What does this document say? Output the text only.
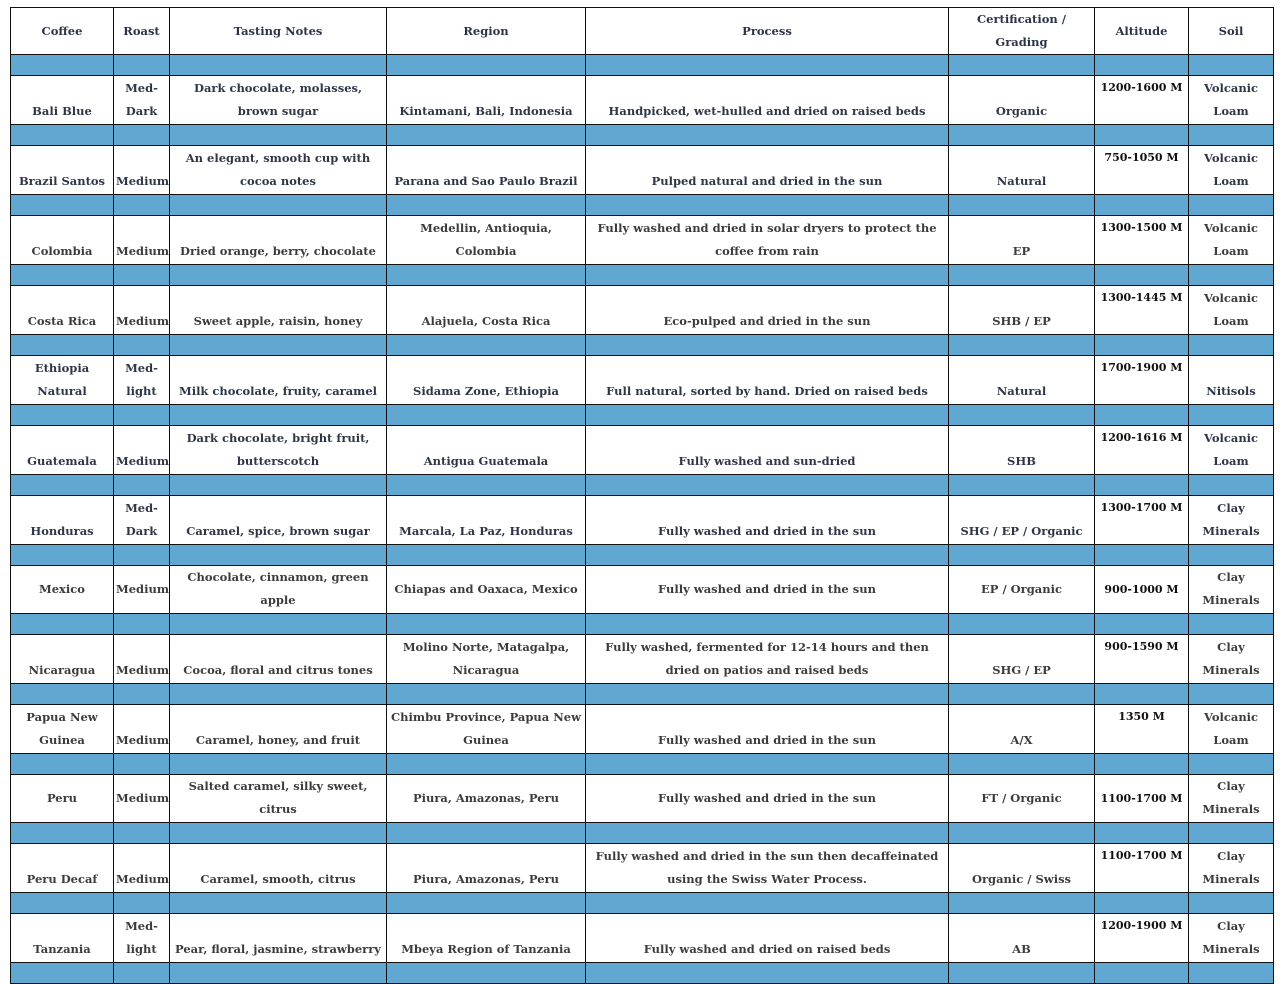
Coffee	Roast	Tasting Notes	Region	Process	Certification / Grading	Altitude	Soil

Bali Blue	Med-Dark	Dark chocolate, molasses, brown sugar	Kintamani, Bali, Indonesia	Handpicked, wet-hulled and dried on raised beds	Organic	1200-1600 M	Volcanic Loam

Brazil Santos	Medium	An elegant, smooth cup with cocoa notes	Parana and Sao Paulo Brazil	Pulped natural and dried in the sun	Natural	750-1050 M	Volcanic Loam

Colombia	Medium	Dried orange, berry, chocolate	Medellin, Antioquia, Colombia	Fully washed and dried in solar dryers to protect the coffee from rain	EP	1300-1500 M	Volcanic Loam

Costa Rica	Medium	Sweet apple, raisin, honey	Alajuela, Costa Rica	Eco-pulped and dried in the sun	SHB / EP	1300-1445 M	Volcanic Loam

Ethiopia Natural	Med-light	Milk chocolate, fruity, caramel	Sidama Zone, Ethiopia	Full natural, sorted by hand. Dried on raised beds	Natural	1700-1900 M	Nitisols

Guatemala	Medium	Dark chocolate, bright fruit, butterscotch	Antigua Guatemala	Fully washed and sun-dried	SHB	1200-1616 M	Volcanic Loam

Honduras	Med-Dark	Caramel, spice, brown sugar	Marcala, La Paz, Honduras	Fully washed and dried in the sun	SHG / EP / Organic	1300-1700 M	Clay Minerals

Mexico	Medium	Chocolate, cinnamon, green apple	Chiapas and Oaxaca, Mexico	Fully washed and dried in the sun	EP / Organic	900-1000 M	Clay Minerals

Nicaragua	Medium	Cocoa, floral and citrus tones	Molino Norte, Matagalpa, Nicaragua	Fully washed, fermented for 12-14 hours and then dried on patios and raised beds	SHG / EP	900-1590 M	Clay Minerals

Papua New Guinea	Medium	Caramel, honey, and fruit	Chimbu Province, Papua New Guinea	Fully washed and dried in the sun	A/X	1350 M	Volcanic Loam

Peru	Medium	Salted caramel, silky sweet, citrus	Piura, Amazonas, Peru	Fully washed and dried in the sun	FT / Organic	1100-1700 M	Clay Minerals

Peru Decaf	Medium	Caramel, smooth, citrus	Piura, Amazonas, Peru	Fully washed and dried in the sun then decaffeinated using the Swiss Water Process.	Organic / Swiss	1100-1700 M	Clay Minerals

Tanzania	Med-light	Pear, floral, jasmine, strawberry	Mbeya Region of Tanzania	Fully washed and dried on raised beds	AB	1200-1900 M	Clay Minerals
